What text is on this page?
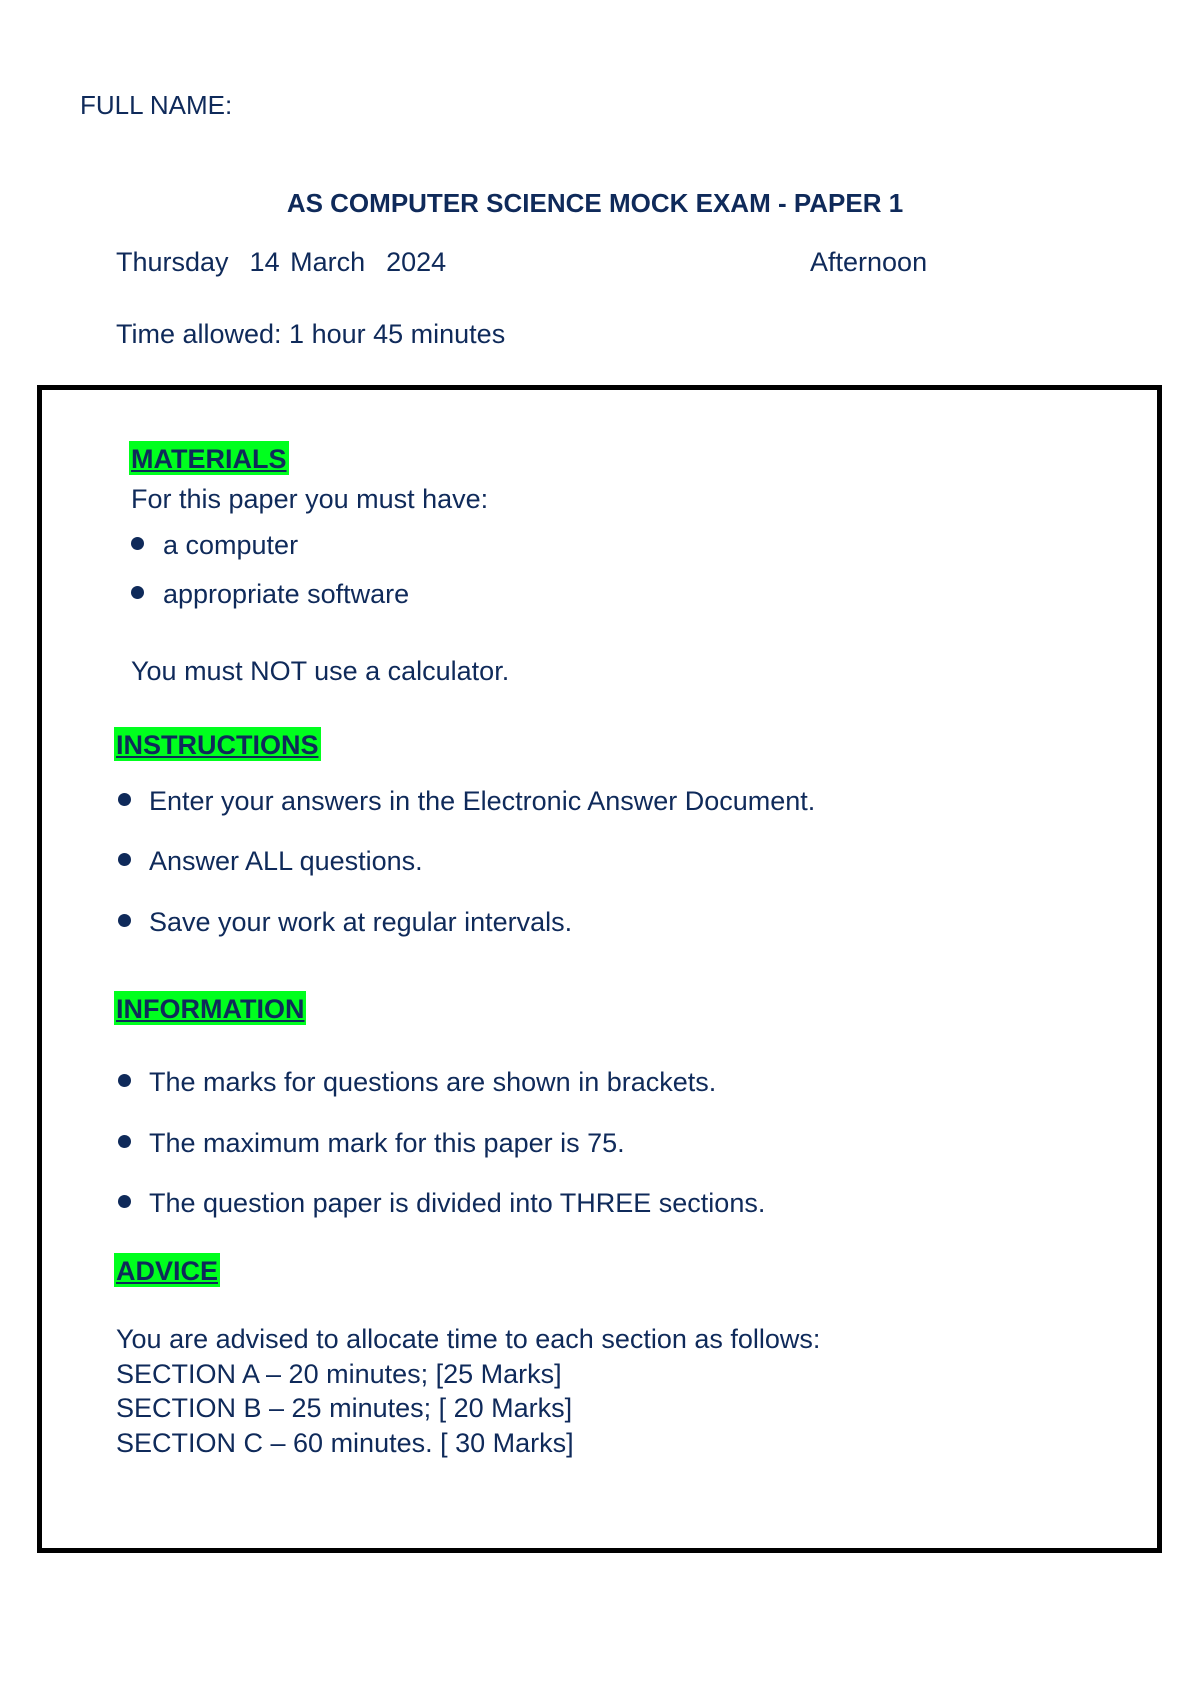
FULL NAME:
AS COMPUTER SCIENCE MOCK EXAM - PAPER 1
Thursday  14 March  2024	Afternoon
Time allowed: 1 hour 45 minutes
MATERIALS
For this paper you must have:
a computer
appropriate software
You must NOT use a calculator.
INSTRUCTIONS
Enter your answers in the Electronic Answer Document.
Answer ALL questions.
Save your work at regular intervals.
INFORMATION
The marks for questions are shown in brackets.
The maximum mark for this paper is 75.
The question paper is divided into THREE sections.
ADVICE
You are advised to allocate time to each section as follows:
SECTION A – 20 minutes; [25 Marks]
SECTION B – 25 minutes; [ 20 Marks]
SECTION C – 60 minutes. [ 30 Marks]
